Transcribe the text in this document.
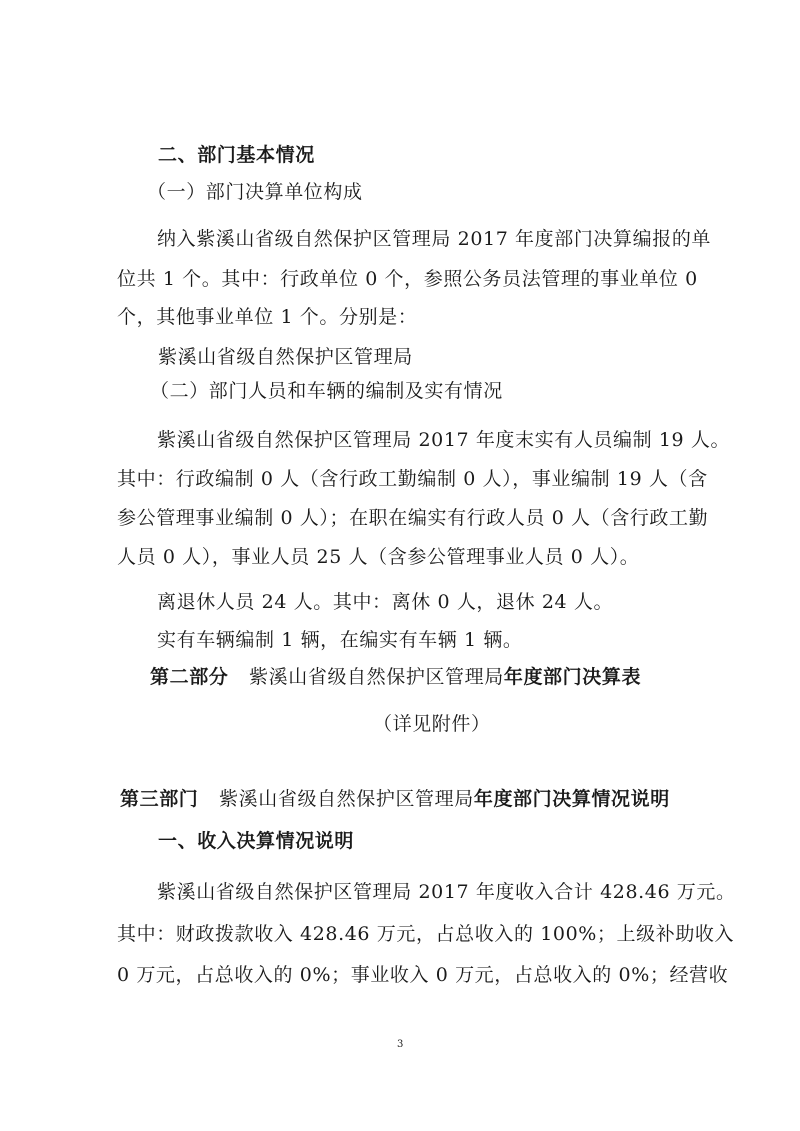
二、部门基本情况
（一）部门决算单位构成
纳入紫溪山省级自然保护区管理局 2017 年度部门决算编报的单
位共 1 个。其中：行政单位 0 个，参照公务员法管理的事业单位 0
个，其他事业单位 1 个。分别是：
紫溪山省级自然保护区管理局
（二）部门人员和车辆的编制及实有情况
紫溪山省级自然保护区管理局 2017 年度末实有人员编制 19 人。
其中：行政编制 0 人（含行政工勤编制 0 人），事业编制 19 人（含
参公管理事业编制 0 人）；在职在编实有行政人员 0 人（含行政工勤
人员 0 人），事业人员 25 人（含参公管理事业人员 0 人）。
离退休人员 24 人。其中：离休 0 人，退休 24 人。
实有车辆编制 1 辆，在编实有车辆 1 辆。
第二部分 紫溪山省级自然保护区管理局年度部门决算表
（详见附件）
第三部门 紫溪山省级自然保护区管理局年度部门决算情况说明
一、收入决算情况说明
紫溪山省级自然保护区管理局 2017 年度收入合计 428.46 万元。
其中：财政拨款收入 428.46 万元，占总收入的 100%；上级补助收入
0 万元，占总收入的 0%；事业收入 0 万元，占总收入的 0%；经营收
3
